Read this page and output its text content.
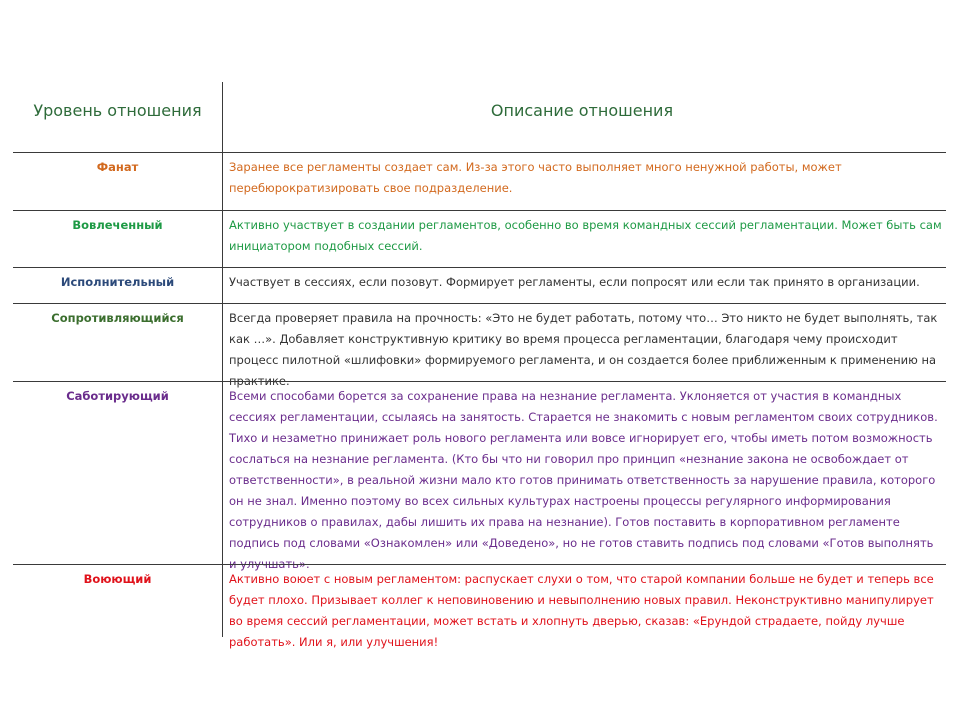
Уровень отношения	Описание отношения
Фанат	Заранее все регламенты создает сам. Из-за этого часто выполняет много ненужной работы, может перебюрократизировать свое подразделение.
Вовлеченный	Активно участвует в создании регламентов, особенно во время командных сессий регламентации. Может быть сам инициатором подобных сессий.
Исполнительный	Участвует в сессиях, если позовут. Формирует регламенты, если попросят или если так принято в организации.
Сопротивляющийся	Всегда проверяет правила на прочность: «Это не будет работать, потому что… Это никто не будет выполнять, так как …». Добавляет конструктивную критику во время процесса регламентации, благодаря чему происходит процесс пилотной «шлифовки» формируемого регламента, и он создается более приближенным к применению на практике.
Саботирующий	Всеми способами борется за сохранение права на незнание регламента. Уклоняется от участия в командных сессиях регламентации, ссылаясь на занятость. Старается не знакомить с новым регламентом своих сотрудников. Тихо и незаметно принижает роль нового регламента или вовсе игнорирует его, чтобы иметь потом возможность сослаться на незнание регламента. (Кто бы что ни говорил про принцип «незнание закона не освобождает от ответственности», в реальной жизни мало кто готов принимать ответственность за нарушение правила, которого он не знал. Именно поэтому во всех сильных культурах настроены процессы регулярного информирования сотрудников о правилах, дабы лишить их права на незнание). Готов поставить в корпоративном регламенте подпись под словами «Ознакомлен» или «Доведено», но не готов ставить подпись под словами «Готов выполнять и улучшать».
Воюющий	Активно воюет с новым регламентом: распускает слухи о том, что старой компании больше не будет и теперь все будет плохо. Призывает коллег к неповиновению и невыполнению новых правил. Неконструктивно манипулирует во время сессий регламентации, может встать и хлопнуть дверью, сказав: «Ерундой страдаете, пойду лучше работать». Или я, или улучшения!
